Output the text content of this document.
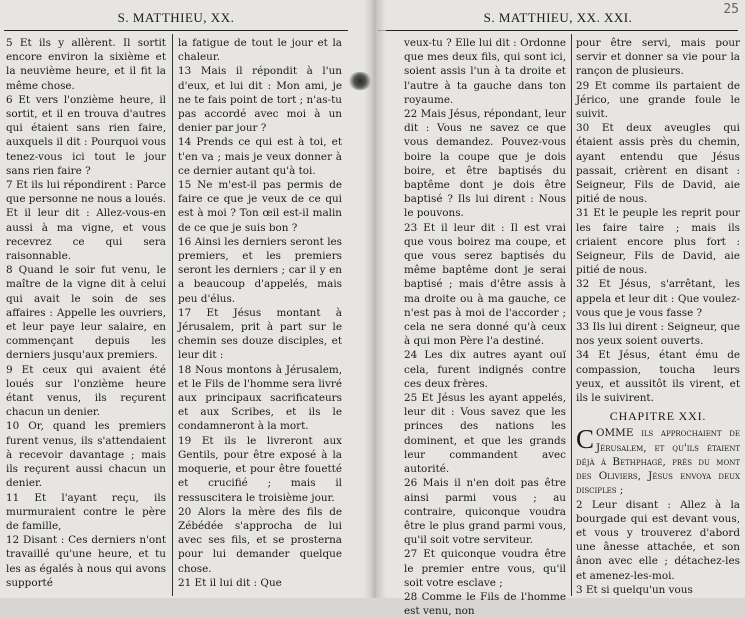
S. MATTHIEU, XX.

5 Et ils y allèrent. Il sortit encore environ la sixième et la neuvième heure, et il fit la même chose.

6 Et vers l'onzième heure, il sortit, et il en trouva d'autres qui étaient sans rien faire, auxquels il dit : Pourquoi vous tenez-vous ici tout le jour sans rien faire ?

7 Et ils lui répondirent : Parce que personne ne nous a loués. Et il leur dit : Allez-vous-en aussi à ma vigne, et vous recevrez ce qui sera raisonnable.

8 Quand le soir fut venu, le maître de la vigne dit à celui qui avait le soin de ses affaires : Appelle les ouvriers, et leur paye leur salaire, en commençant depuis les derniers jusqu'aux premiers.

9 Et ceux qui avaient été loués sur l'onzième heure étant venus, ils reçurent chacun un denier.

10 Or, quand les premiers furent venus, ils s'attendaient à recevoir davantage ; mais ils reçurent aussi chacun un denier.

11 Et l'ayant reçu, ils murmuraient contre le père de famille,

12 Disant : Ces derniers n'ont travaillé qu'une heure, et tu les as égalés à nous qui avons supporté

la fatigue de tout le jour et la chaleur.

13 Mais il répondit à l'un d'eux, et lui dit : Mon ami, je ne te fais point de tort ; n'as-tu pas accordé avec moi à un denier par jour ?

14 Prends ce qui est à toi, et t'en va ; mais je veux donner à ce dernier autant qu'à toi.

15 Ne m'est-il pas permis de faire ce que je veux de ce qui est à moi ? Ton œil est-il malin de ce que je suis bon ?

16 Ainsi les derniers seront les premiers, et les premiers seront les derniers ; car il y en a beaucoup d'appelés, mais peu d'élus.

17 Et Jésus montant à Jérusalem, prit à part sur le chemin ses douze disciples, et leur dit :

18 Nous montons à Jérusalem, et le Fils de l'homme sera livré aux principaux sacrificateurs et aux Scribes, et ils le condamneront à la mort.

19 Et ils le livreront aux Gentils, pour être exposé à la moquerie, et pour être fouetté et crucifié ; mais il ressuscitera le troisième jour.

20 Alors la mère des fils de Zébédée s'approcha de lui avec ses fils, et se prosterna pour lui demander quelque chose.

21 Et il lui dit : Que

S. MATTHIEU, XX. XXI.
25

veux-tu ? Elle lui dit : Ordonne que mes deux fils, qui sont ici, soient assis l'un à ta droite et l'autre à ta gauche dans ton royaume.

22 Mais Jésus, répondant, leur dit : Vous ne savez ce que vous demandez. Pouvez-vous boire la coupe que je dois boire, et être baptisés du baptême dont je dois être baptisé ? Ils lui dirent : Nous le pouvons.

23 Et il leur dit : Il est vrai que vous boirez ma coupe, et que vous serez baptisés du même baptême dont je serai baptisé ; mais d'être assis à ma droite ou à ma gauche, ce n'est pas à moi de l'accorder ; cela ne sera donné qu'à ceux à qui mon Père l'a destiné.

24 Les dix autres ayant ouï cela, furent indignés contre ces deux frères.

25 Et Jésus les ayant appelés, leur dit : Vous savez que les princes des nations les dominent, et que les grands leur commandent avec autorité.

26 Mais il n'en doit pas être ainsi parmi vous ; au contraire, quiconque voudra être le plus grand parmi vous, qu'il soit votre serviteur.

27 Et quiconque voudra être le premier entre vous, qu'il soit votre esclave ;

28 Comme le Fils de l'homme est venu, non

pour être servi, mais pour servir et donner sa vie pour la rançon de plusieurs.

29 Et comme ils partaient de Jérico, une grande foule le suivit.

30 Et deux aveugles qui étaient assis près du chemin, ayant entendu que Jésus passait, crièrent en disant : Seigneur, Fils de David, aie pitié de nous.

31 Et le peuple les reprit pour les faire taire ; mais ils criaient encore plus fort : Seigneur, Fils de David, aie pitié de nous.

32 Et Jésus, s'arrêtant, les appela et leur dit : Que voulez-vous que je vous fasse ?

33 Ils lui dirent : Seigneur, que nos yeux soient ouverts.

34 Et Jésus, étant ému de compassion, toucha leurs yeux, et aussitôt ils virent, et ils le suivirent.

CHAPITRE XXI.

COMME ils approchaient de Jérusalem, et qu'ils étaient déjà à Bethphagé, près du mont des Oliviers, Jésus envoya deux disciples ;

2 Leur disant : Allez à la bourgade qui est devant vous, et vous y trouverez d'abord une ânesse attachée, et son ânon avec elle ; détachez-les et amenez-les-moi.

3 Et si quelqu'un vous
